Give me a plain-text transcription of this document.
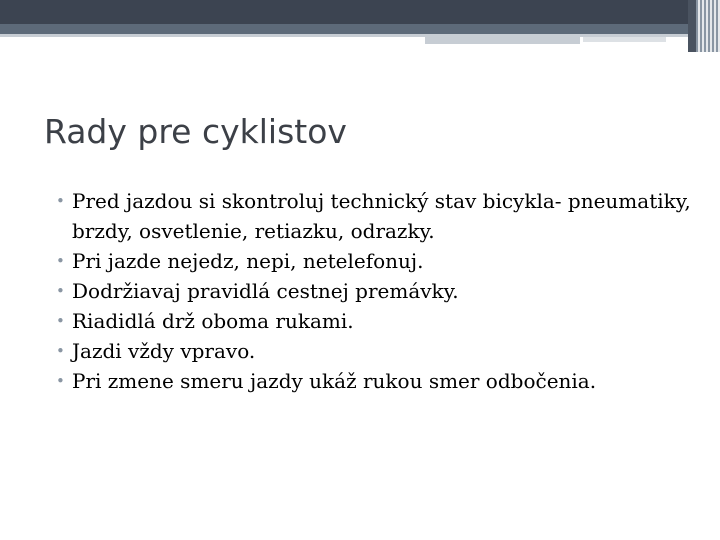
Rady pre cyklistov
• Pred jazdou si skontroluj technický stav bicykla- pneumatiky, brzdy, osvetlenie, retiazku, odrazky.
• Pri jazde nejedz, nepi, netelefonuj.
• Dodržiavaj pravidlá cestnej premávky.
• Riadidlá drž oboma rukami.
• Jazdi vždy vpravo.
• Pri zmene smeru jazdy ukáž rukou smer odbočenia.
